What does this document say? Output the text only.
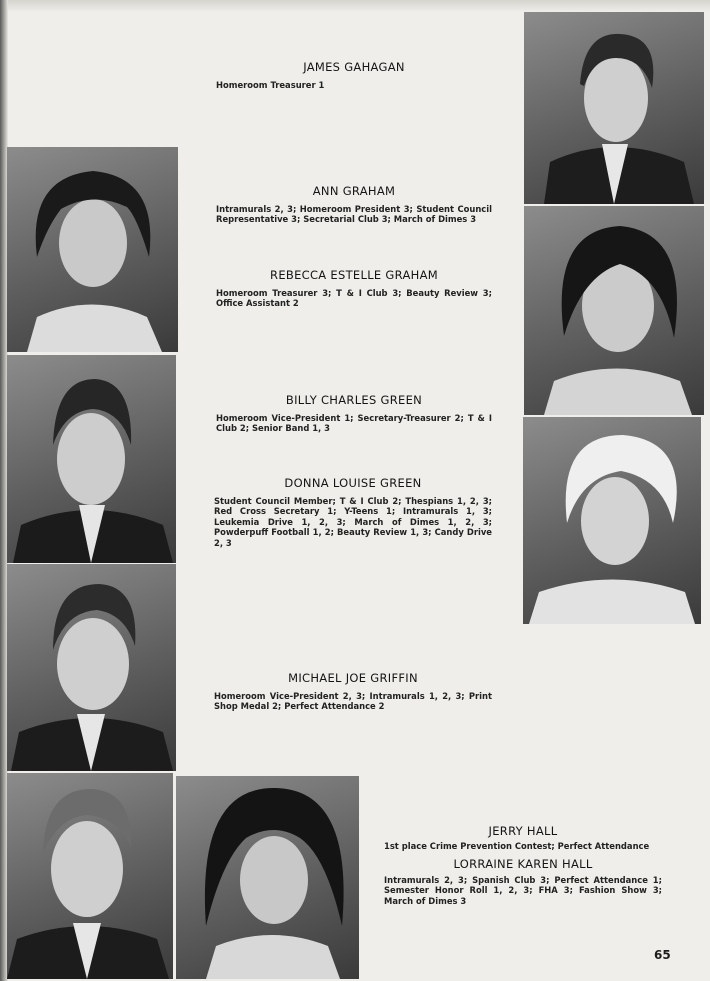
JAMES GAHAGAN

Homeroom Treasurer 1

ANN GRAHAM

Intramurals 2, 3; Homeroom President 3; Student Council Representative 3; Secretarial Club 3; March of Dimes 3

REBECCA ESTELLE GRAHAM

Homeroom Treasurer 3; T & I Club 3; Beauty Review 3; Office Assistant 2

BILLY CHARLES GREEN

Homeroom Vice-President 1; Secretary-Treasurer 2; T & I Club 2; Senior Band 1, 3

DONNA LOUISE GREEN

Student Council Member; T & I Club 2; Thespians 1, 2, 3; Red Cross Secretary 1; Y-Teens 1; Intramurals 1, 3; Leukemia Drive 1, 2, 3; March of Dimes 1, 2, 3; Powderpuff Football 1, 2; Beauty Review 1, 3; Candy Drive 2, 3

MICHAEL JOE GRIFFIN

Homeroom Vice-President 2, 3; Intramurals 1, 2, 3; Print Shop Medal 2; Perfect Attendance 2

JERRY HALL

1st place Crime Prevention Contest; Perfect Attendance

LORRAINE KAREN HALL

Intramurals 2, 3; Spanish Club 3; Perfect Attendance 1; Semester Honor Roll 1, 2, 3; FHA 3; Fashion Show 3; March of Dimes 3

65
